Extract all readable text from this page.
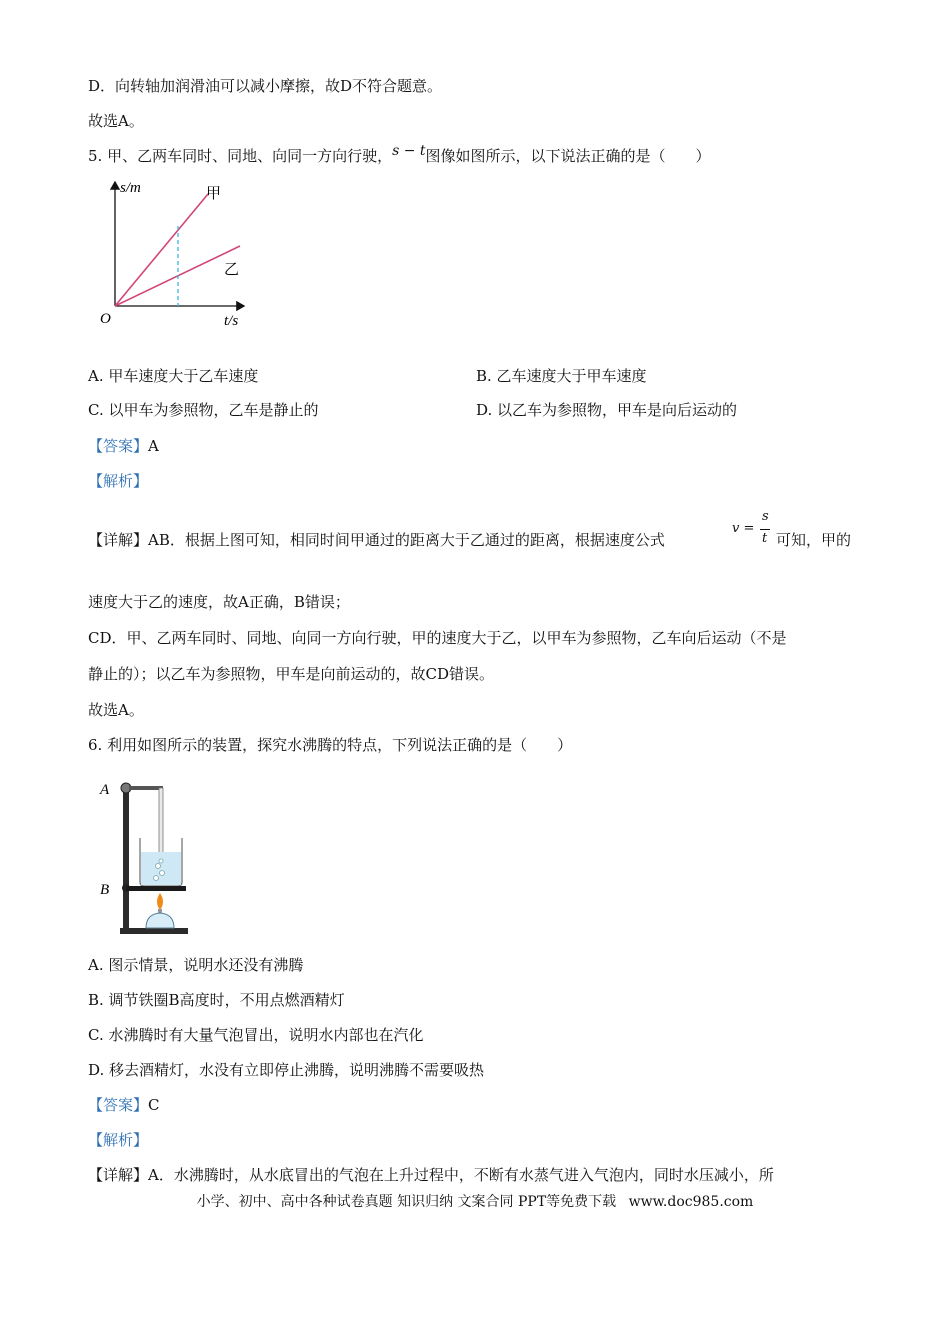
D．向转轴加润滑油可以减小摩擦，故D不符合题意。
故选A。
5. 甲、乙两车同时、同地、向同一方向行驶，s − t图像如图所示，以下说法正确的是（　　）
s/m
t/s
O
甲
乙
A. 甲车速度大于乙车速度	B. 乙车速度大于甲车速度
C. 以甲车为参照物，乙车是静止的	D. 以乙车为参照物，甲车是向后运动的
【答案】A
【解析】
【详解】AB．根据上图可知，相同时间甲通过的距离大于乙通过的距离，根据速度公式
v =
s
t 可知，甲的
速度大于乙的速度，故A正确，B错误；
CD．甲、乙两车同时、同地、向同一方向行驶，甲的速度大于乙，以甲车为参照物，乙车向后运动（不是
静止的）；以乙车为参照物，甲车是向前运动的，故CD错误。
故选A。
6. 利用如图所示的装置，探究水沸腾的特点，下列说法正确的是（　　）
A
B
A. 图示情景，说明水还没有沸腾
B. 调节铁圈B高度时，不用点燃酒精灯
C. 水沸腾时有大量气泡冒出，说明水内部也在汽化
D. 移去酒精灯，水没有立即停止沸腾，说明沸腾不需要吸热
【答案】C
【解析】
【详解】A．水沸腾时，从水底冒出的气泡在上升过程中，不断有水蒸气进入气泡内，同时水压减小，所
小学、初中、高中各种试卷真题 知识归纳 文案合同 PPT等免费下载 www.doc985.com
